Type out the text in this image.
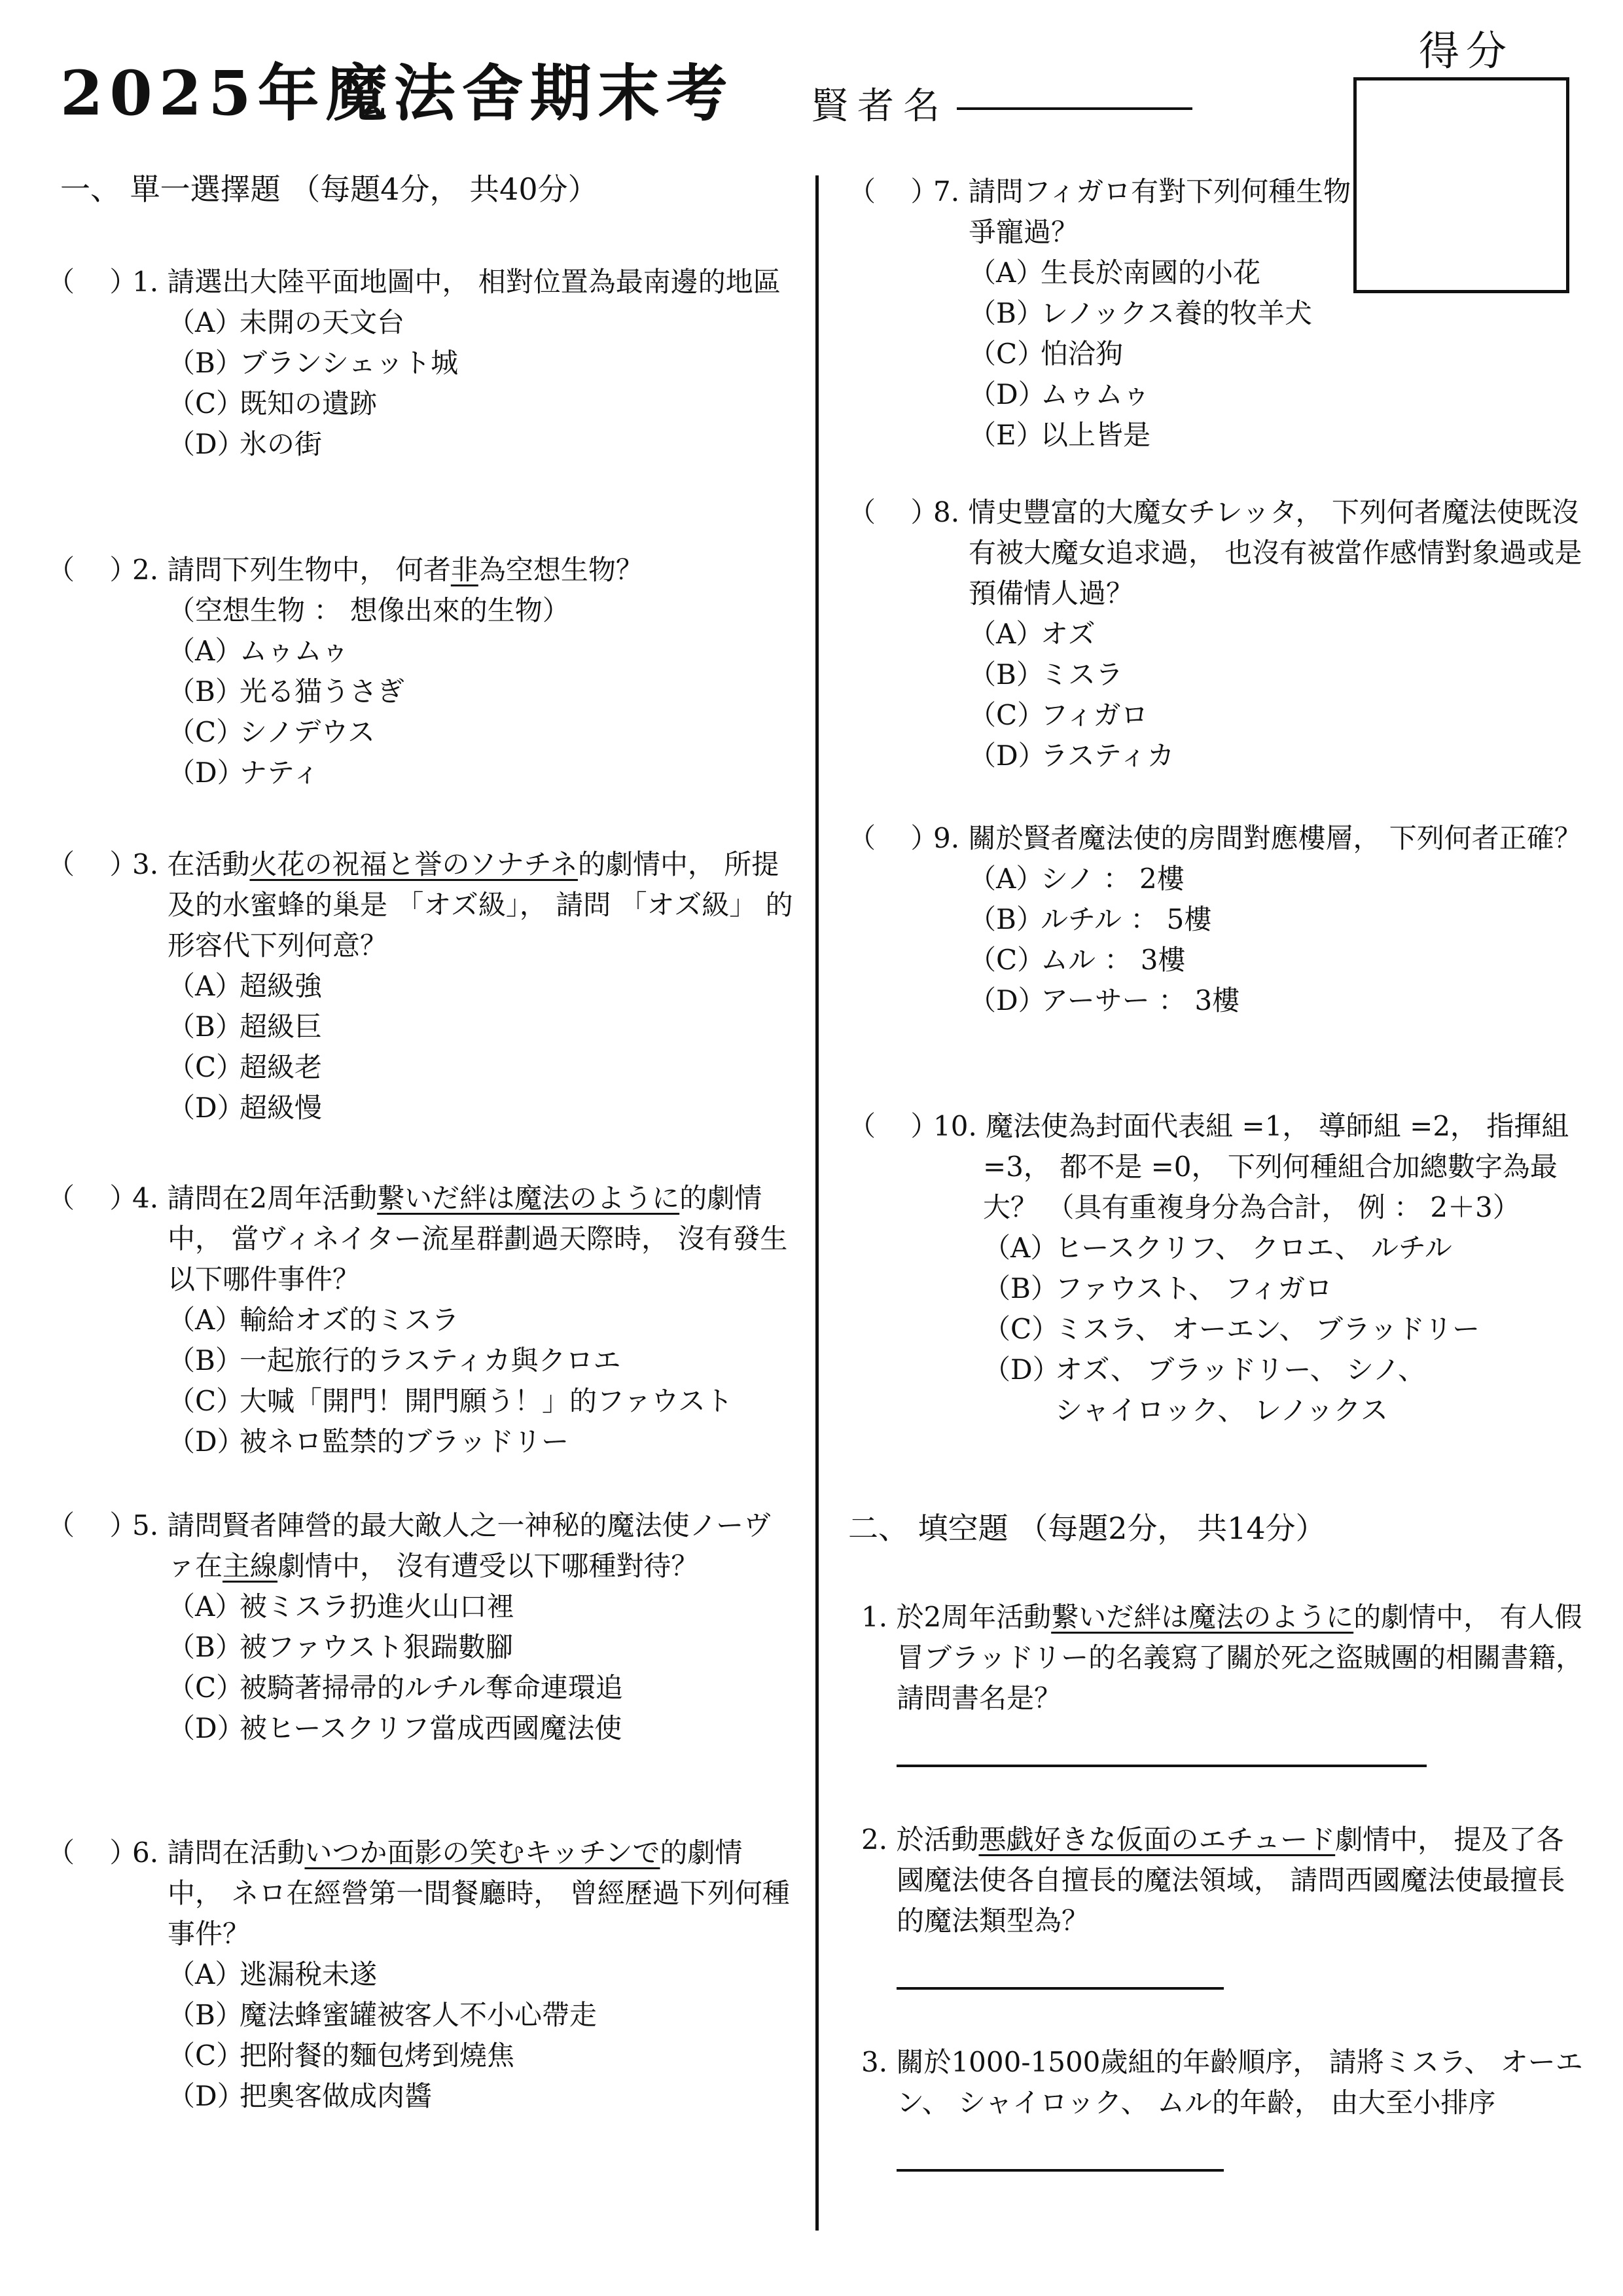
2025年魔法舍期末考 賢者名
得分
一、 單一選擇題 （每題4分， 共40分）
（    ）
1. 請選出大陸平面地圖中， 相對位置為最南邊的地區
（A）未開の天文台
（B）ブランシェット城
（C）既知の遺跡
（D）氷の街
（    ）
2. 請問下列生物中， 何者非為空想生物？
（空想生物 ： 想像出來的生物）
（A）ムゥムゥ
（B）光る猫うさぎ
（C）シノデウス
（D）ナティ
（    ）
3. 在活動火花の祝福と誉のソナチネ的劇情中， 所提及的水蜜蜂的巢是 「オズ級」， 請問 「オズ級」 的形容代下列何意？
（A）超級強
（B）超級巨
（C）超級老
（D）超級慢
（    ）
4. 請問在2周年活動繋いだ絆は魔法のように的劇情中， 當ヴィネイター流星群劃過天際時， 沒有發生以下哪件事件？
（A）輸給オズ的ミスラ
（B）一起旅行的ラスティカ與クロエ
（C）大喊「開門！開門願う！」的ファウスト
（D）被ネロ監禁的ブラッドリー
（    ）
5. 請問賢者陣營的最大敵人之一神秘的魔法使ノーヴァ在主線劇情中， 沒有遭受以下哪種對待？
（A）被ミスラ扔進火山口裡
（B）被ファウスト狠踹數腳
（C）被騎著掃帚的ルチル奪命連環追
（D）被ヒースクリフ當成西國魔法使
（    ）
6. 請問在活動いつか面影の笑むキッチンで的劇情中， ネロ在經營第一間餐廳時， 曾經歷過下列何種事件？
（A）逃漏稅未遂
（B）魔法蜂蜜罐被客人不小心帶走
（C）把附餐的麵包烤到燒焦
（D）把奧客做成肉醬
（    ）
7. 請問フィガロ有對下列何種生物爭寵過？
（A）生長於南國的小花
（B）レノックス養的牧羊犬
（C）怕洽狗
（D）ムゥムゥ
（E）以上皆是
（    ）
8. 情史豐富的大魔女チレッタ， 下列何者魔法使既沒有被大魔女追求過， 也沒有被當作感情對象過或是預備情人過？
（A）オズ
（B）ミスラ
（C）フィガロ
（D）ラスティカ
（    ）
9. 關於賢者魔法使的房間對應樓層， 下列何者正確？
（A）シノ ： 2樓
（B）ルチル ： 5樓
（C）ムル ： 3樓
（D）アーサー ： 3樓
（    ）
10. 魔法使為封面代表組 =1， 導師組 =2， 指揮組 =3， 都不是 =0， 下列何種組合加總數字為最大？ （具有重複身分為合計， 例 ： 2＋3）
（A）ヒースクリフ、 クロエ、 ルチル
（B）ファウスト、 フィガロ
（C）ミスラ、 オーエン、 ブラッドリー
（D）オズ、 ブラッドリー、 シノ、
シャイロック、 レノックス
二、 填空題 （每題2分， 共14分）
1. 於2周年活動繋いだ絆は魔法のように的劇情中， 有人假冒ブラッドリー的名義寫了關於死之盜賊團的相關書籍， 請問書名是？
2. 於活動悪戯好きな仮面のエチュード劇情中， 提及了各國魔法使各自擅長的魔法領域， 請問西國魔法使最擅長的魔法類型為？
3. 關於1000-1500歲組的年齡順序， 請將ミスラ、 オーエン、 シャイロック、 ムル的年齡， 由大至小排序
